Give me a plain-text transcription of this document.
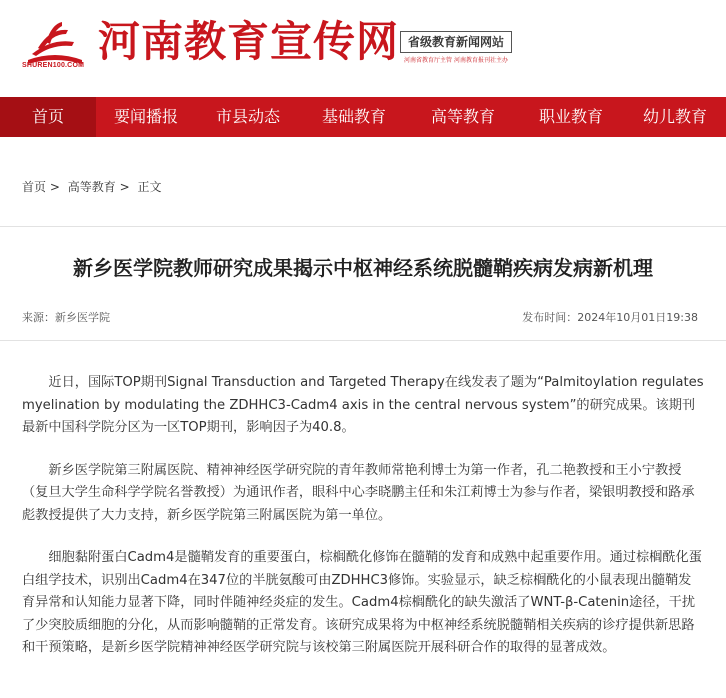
SHUREN100.COM 河南教育宣传网 省级教育新闻网站
河南省教育厅主管 河南教育报刊社主办
首页	要闻播报	市县动态	基础教育	高等教育	职业教育	幼儿教育
首页 > 高等教育 > 正文
新乡医学院教师研究成果揭示中枢神经系统脱髓鞘疾病发病新机理
来源：新乡医学院	发布时间：2024年10月01日19:38

近日，国际TOP期刊Signal Transduction and Targeted Therapy在线发表了题为“Palmitoylation regulates myelination by modulating the ZDHHC3-Cadm4 axis in the central nervous system”的研究成果。该期刊最新中国科学院分区为一区TOP期刊，影响因子为40.8。

新乡医学院第三附属医院、精神神经医学研究院的青年教师常艳利博士为第一作者，孔二艳教授和王小宁教授（复旦大学生命科学学院名誉教授）为通讯作者，眼科中心李晓鹏主任和朱江莉博士为参与作者，梁银明教授和路承彪教授提供了大力支持，新乡医学院第三附属医院为第一单位。

细胞黏附蛋白Cadm4是髓鞘发育的重要蛋白，棕榈酰化修饰在髓鞘的发育和成熟中起重要作用。通过棕榈酰化蛋白组学技术，识别出Cadm4在347位的半胱氨酸可由ZDHHC3修饰。实验显示，缺乏棕榈酰化的小鼠表现出髓鞘发育异常和认知能力显著下降，同时伴随神经炎症的发生。Cadm4棕榈酰化的缺失激活了WNT-β-Catenin途径，干扰了少突胶质细胞的分化，从而影响髓鞘的正常发育。该研究成果将为中枢神经系统脱髓鞘相关疾病的诊疗提供新思路和干预策略，是新乡医学院精神神经医学研究院与该校第三附属医院开展科研合作的取得的显著成效。
